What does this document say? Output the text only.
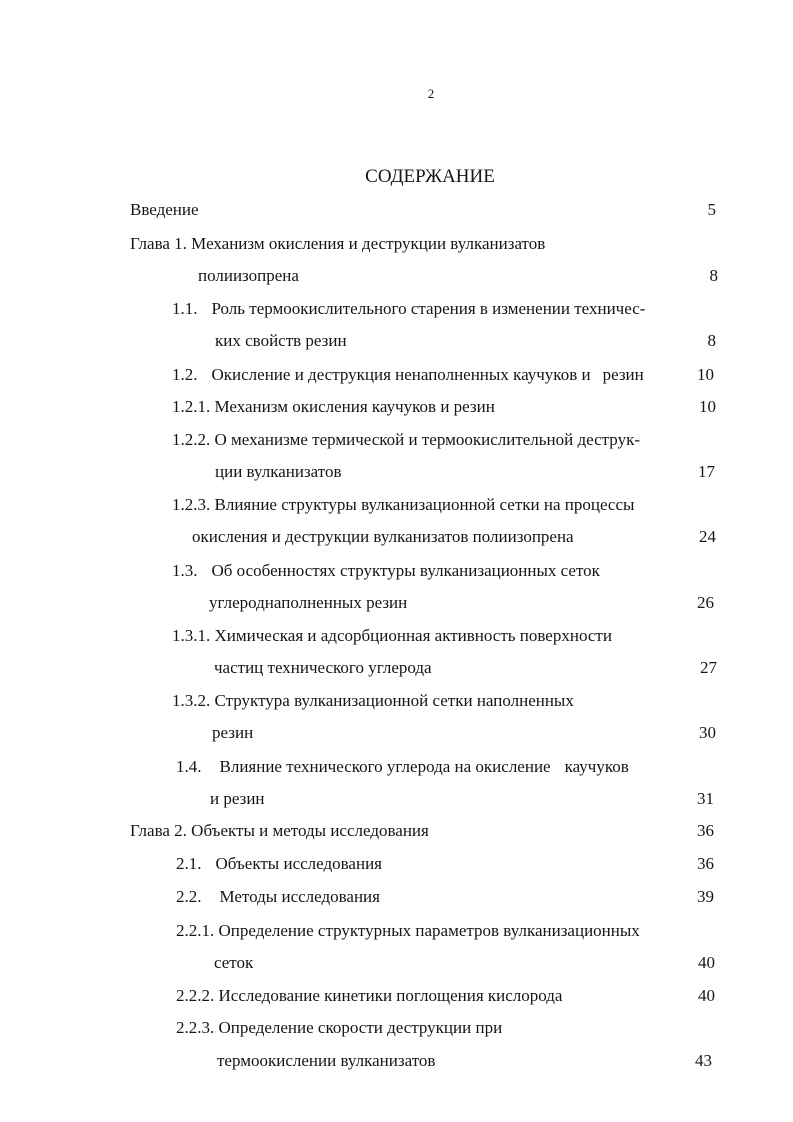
2
СОДЕРЖАНИЕ
Введение	5
Глава 1. Механизм окисления и деструкции вулканизатов
полиизопрена	8
1.1. Роль термоокислительного старения в изменении техничес-
ких свойств резин	8
1.2. Окисление и деструкция ненаполненных каучуков и резин	10
1.2.1. Механизм окисления каучуков и резин	10
1.2.2. О механизме термической и термоокислительной деструк-
ции вулканизатов	17
1.2.3. Влияние структуры вулканизационной сетки на процессы
окисления и деструкции вулканизатов полиизопрена	24
1.3. Об особенностях структуры вулканизационных сеток
углероднаполненных резин	26
1.3.1. Химическая и адсорбционная активность поверхности
частиц технического углерода	27
1.3.2. Структура вулканизационной сетки наполненных
резин	30
1.4. Влияние технического углерода на окисление каучуков
и резин	31
Глава 2. Объекты и методы исследования	36
2.1. Объекты исследования	36
2.2. Методы исследования	39
2.2.1. Определение структурных параметров вулканизационных
сеток	40
2.2.2. Исследование кинетики поглощения кислорода	40
2.2.3. Определение скорости деструкции при
термоокислении вулканизатов	43
